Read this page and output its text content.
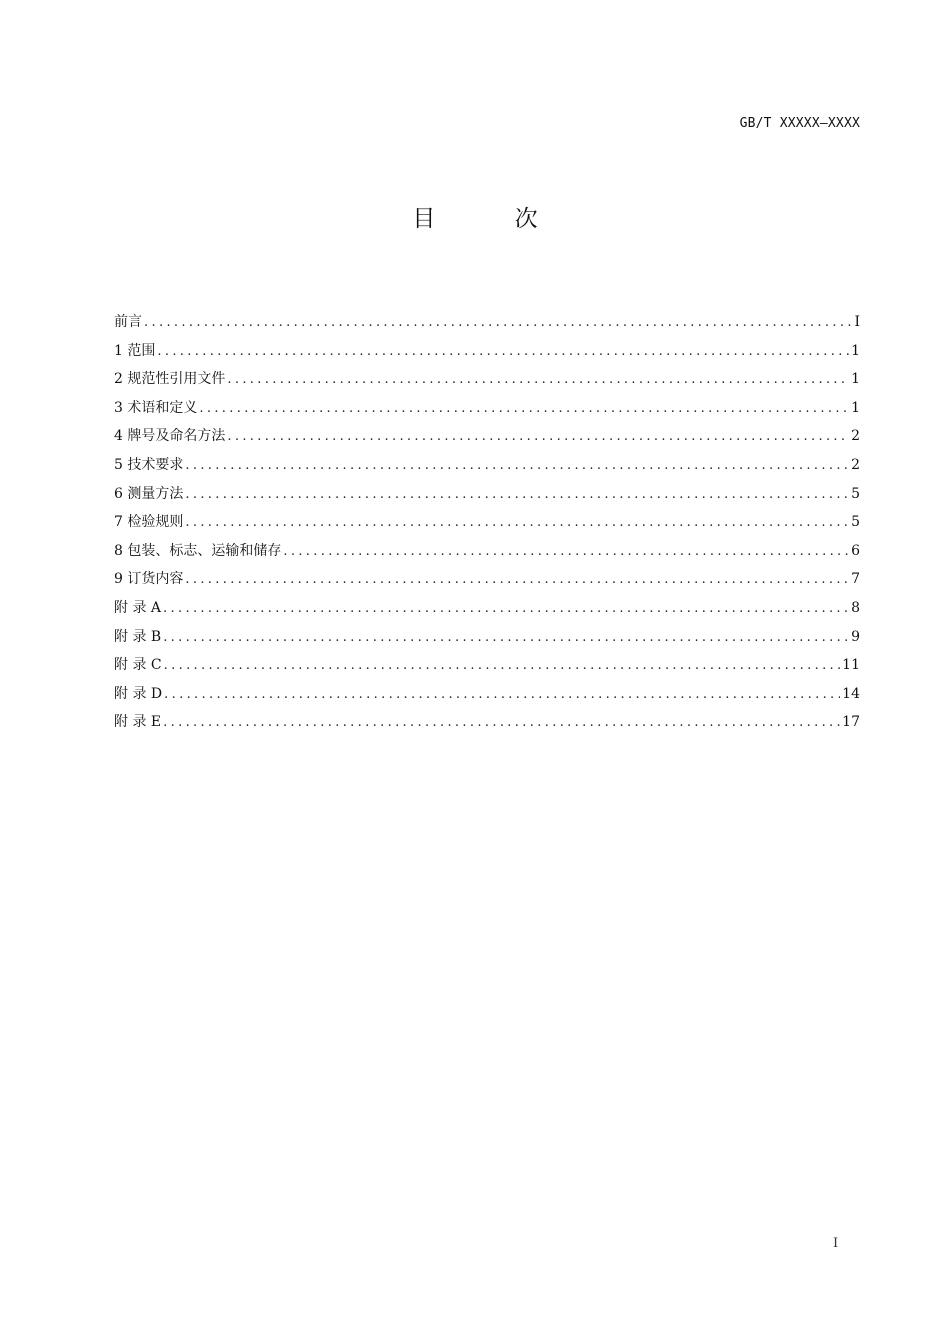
GB/T XXXXX—XXXX
目 次
前言 .....	I
1 范围 .....	1
2 规范性引用文件 .....	1
3 术语和定义 .....	1
4 牌号及命名方法 .....	2
5 技术要求 .....	2
6 测量方法 .....	5
7 检验规则 .....	5
8 包装、标志、运输和储存 .....	6
9 订货内容 .....	7
附 录 A .....	8
附 录 B .....	9
附 录 C .....	11
附 录 D .....	14
附 录 E .....	17
I
